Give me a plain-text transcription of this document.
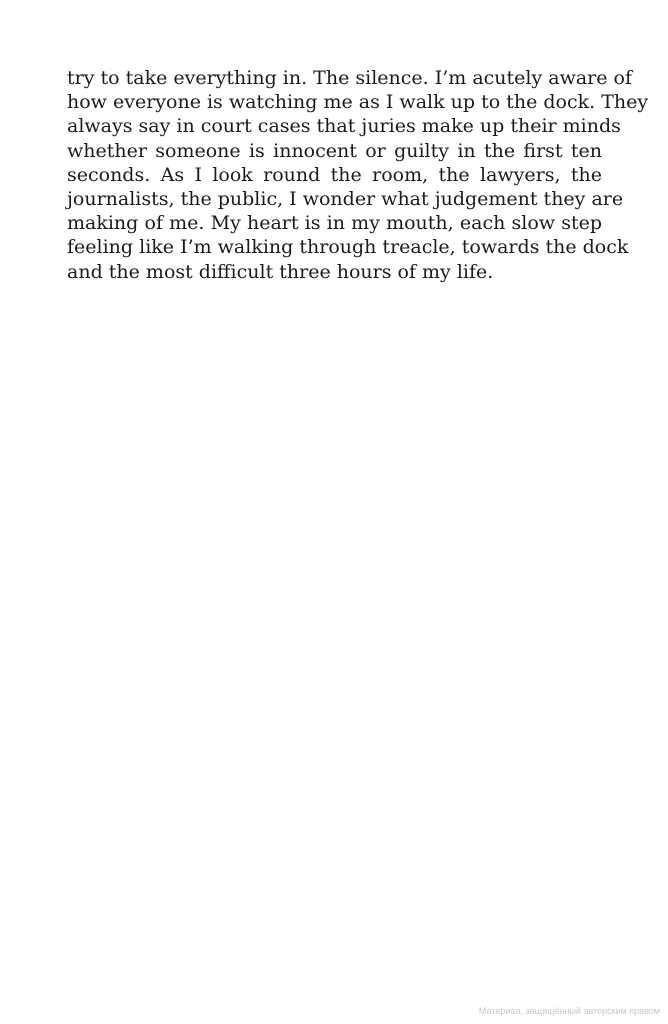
try to take everything in. The silence. I’m acutely aware of
how everyone is watching me as I walk up to the dock. They
always say in court cases that juries make up their minds
whether someone is innocent or guilty in the first ten
seconds. As I look round the room, the lawyers, the
journalists, the public, I wonder what judgement they are
making of me. My heart is in my mouth, each slow step
feeling like I’m walking through treacle, towards the dock
and the most difficult three hours of my life.
Материал, защищённый авторским правом
